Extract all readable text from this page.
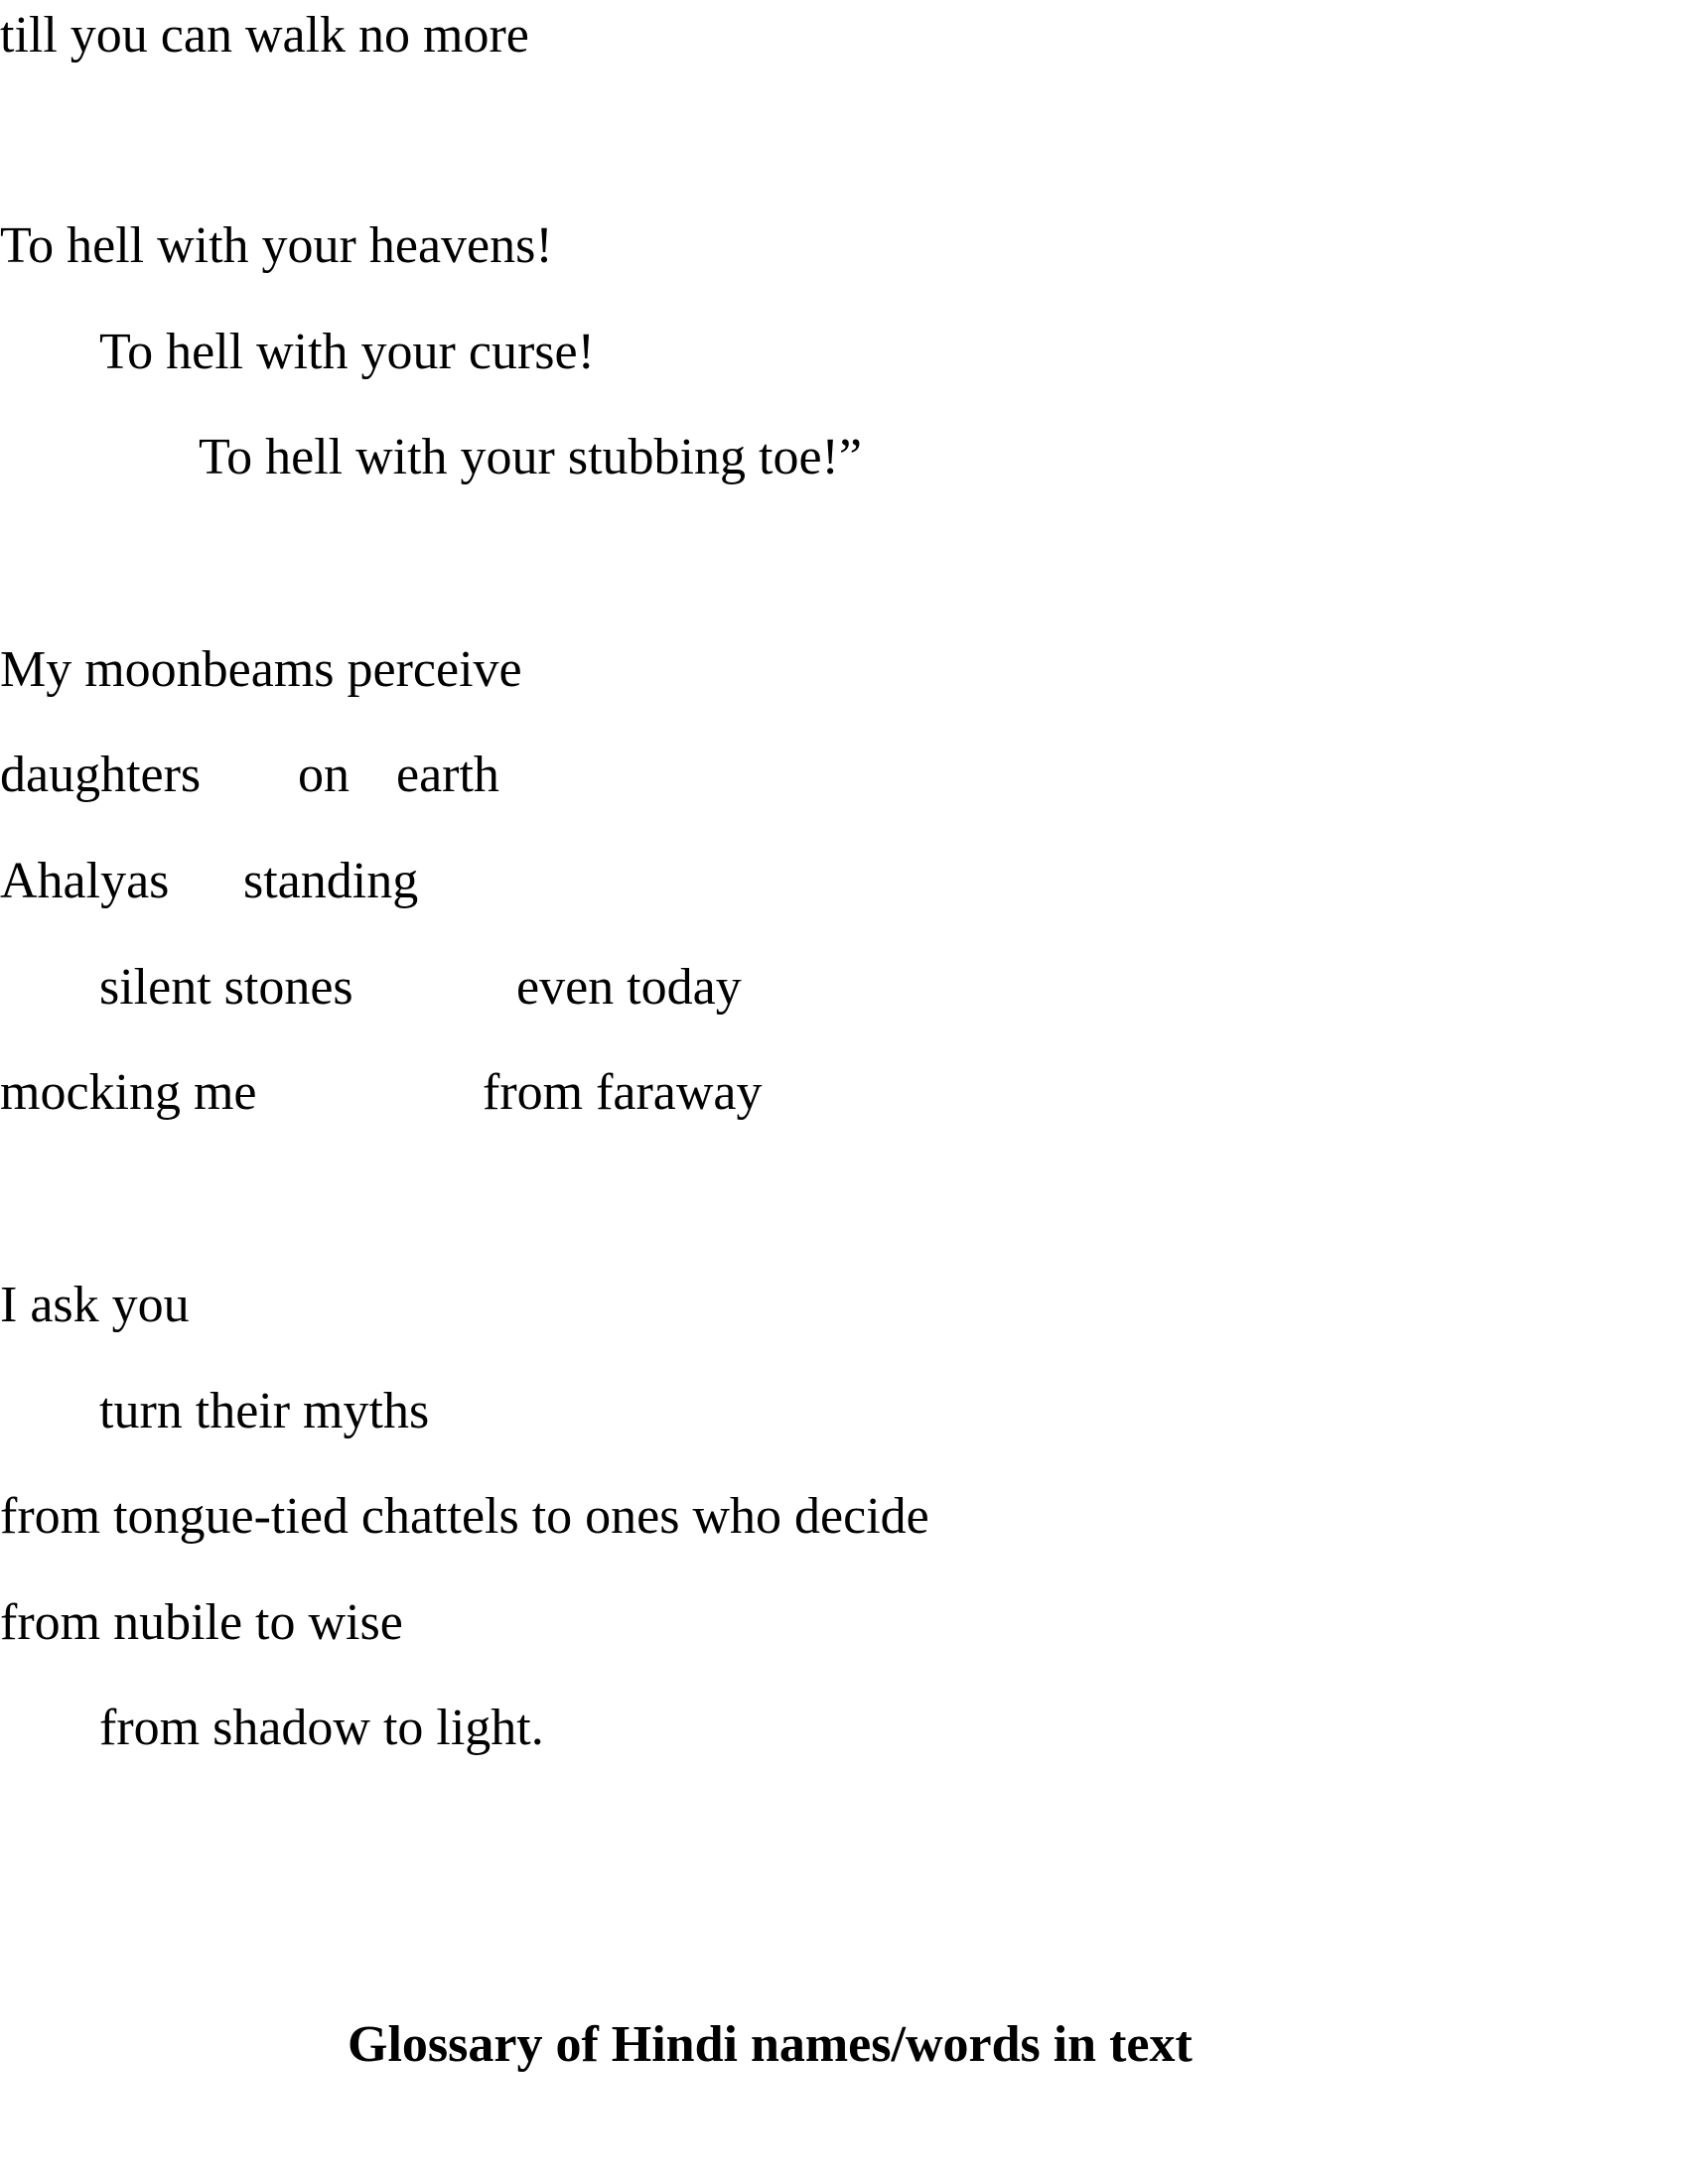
till you can walk no more
To hell with your heavens!
To hell with your curse!
To hell with your stubbing toe!”
My moonbeams perceive
daughters on earth
Ahalyas standing
silent stones	even today
mocking me	from faraway
I ask you
turn their myths
from tongue-tied chattels to ones who decide
from nubile to wise
from shadow to light.
Glossary of Hindi names/words in text
